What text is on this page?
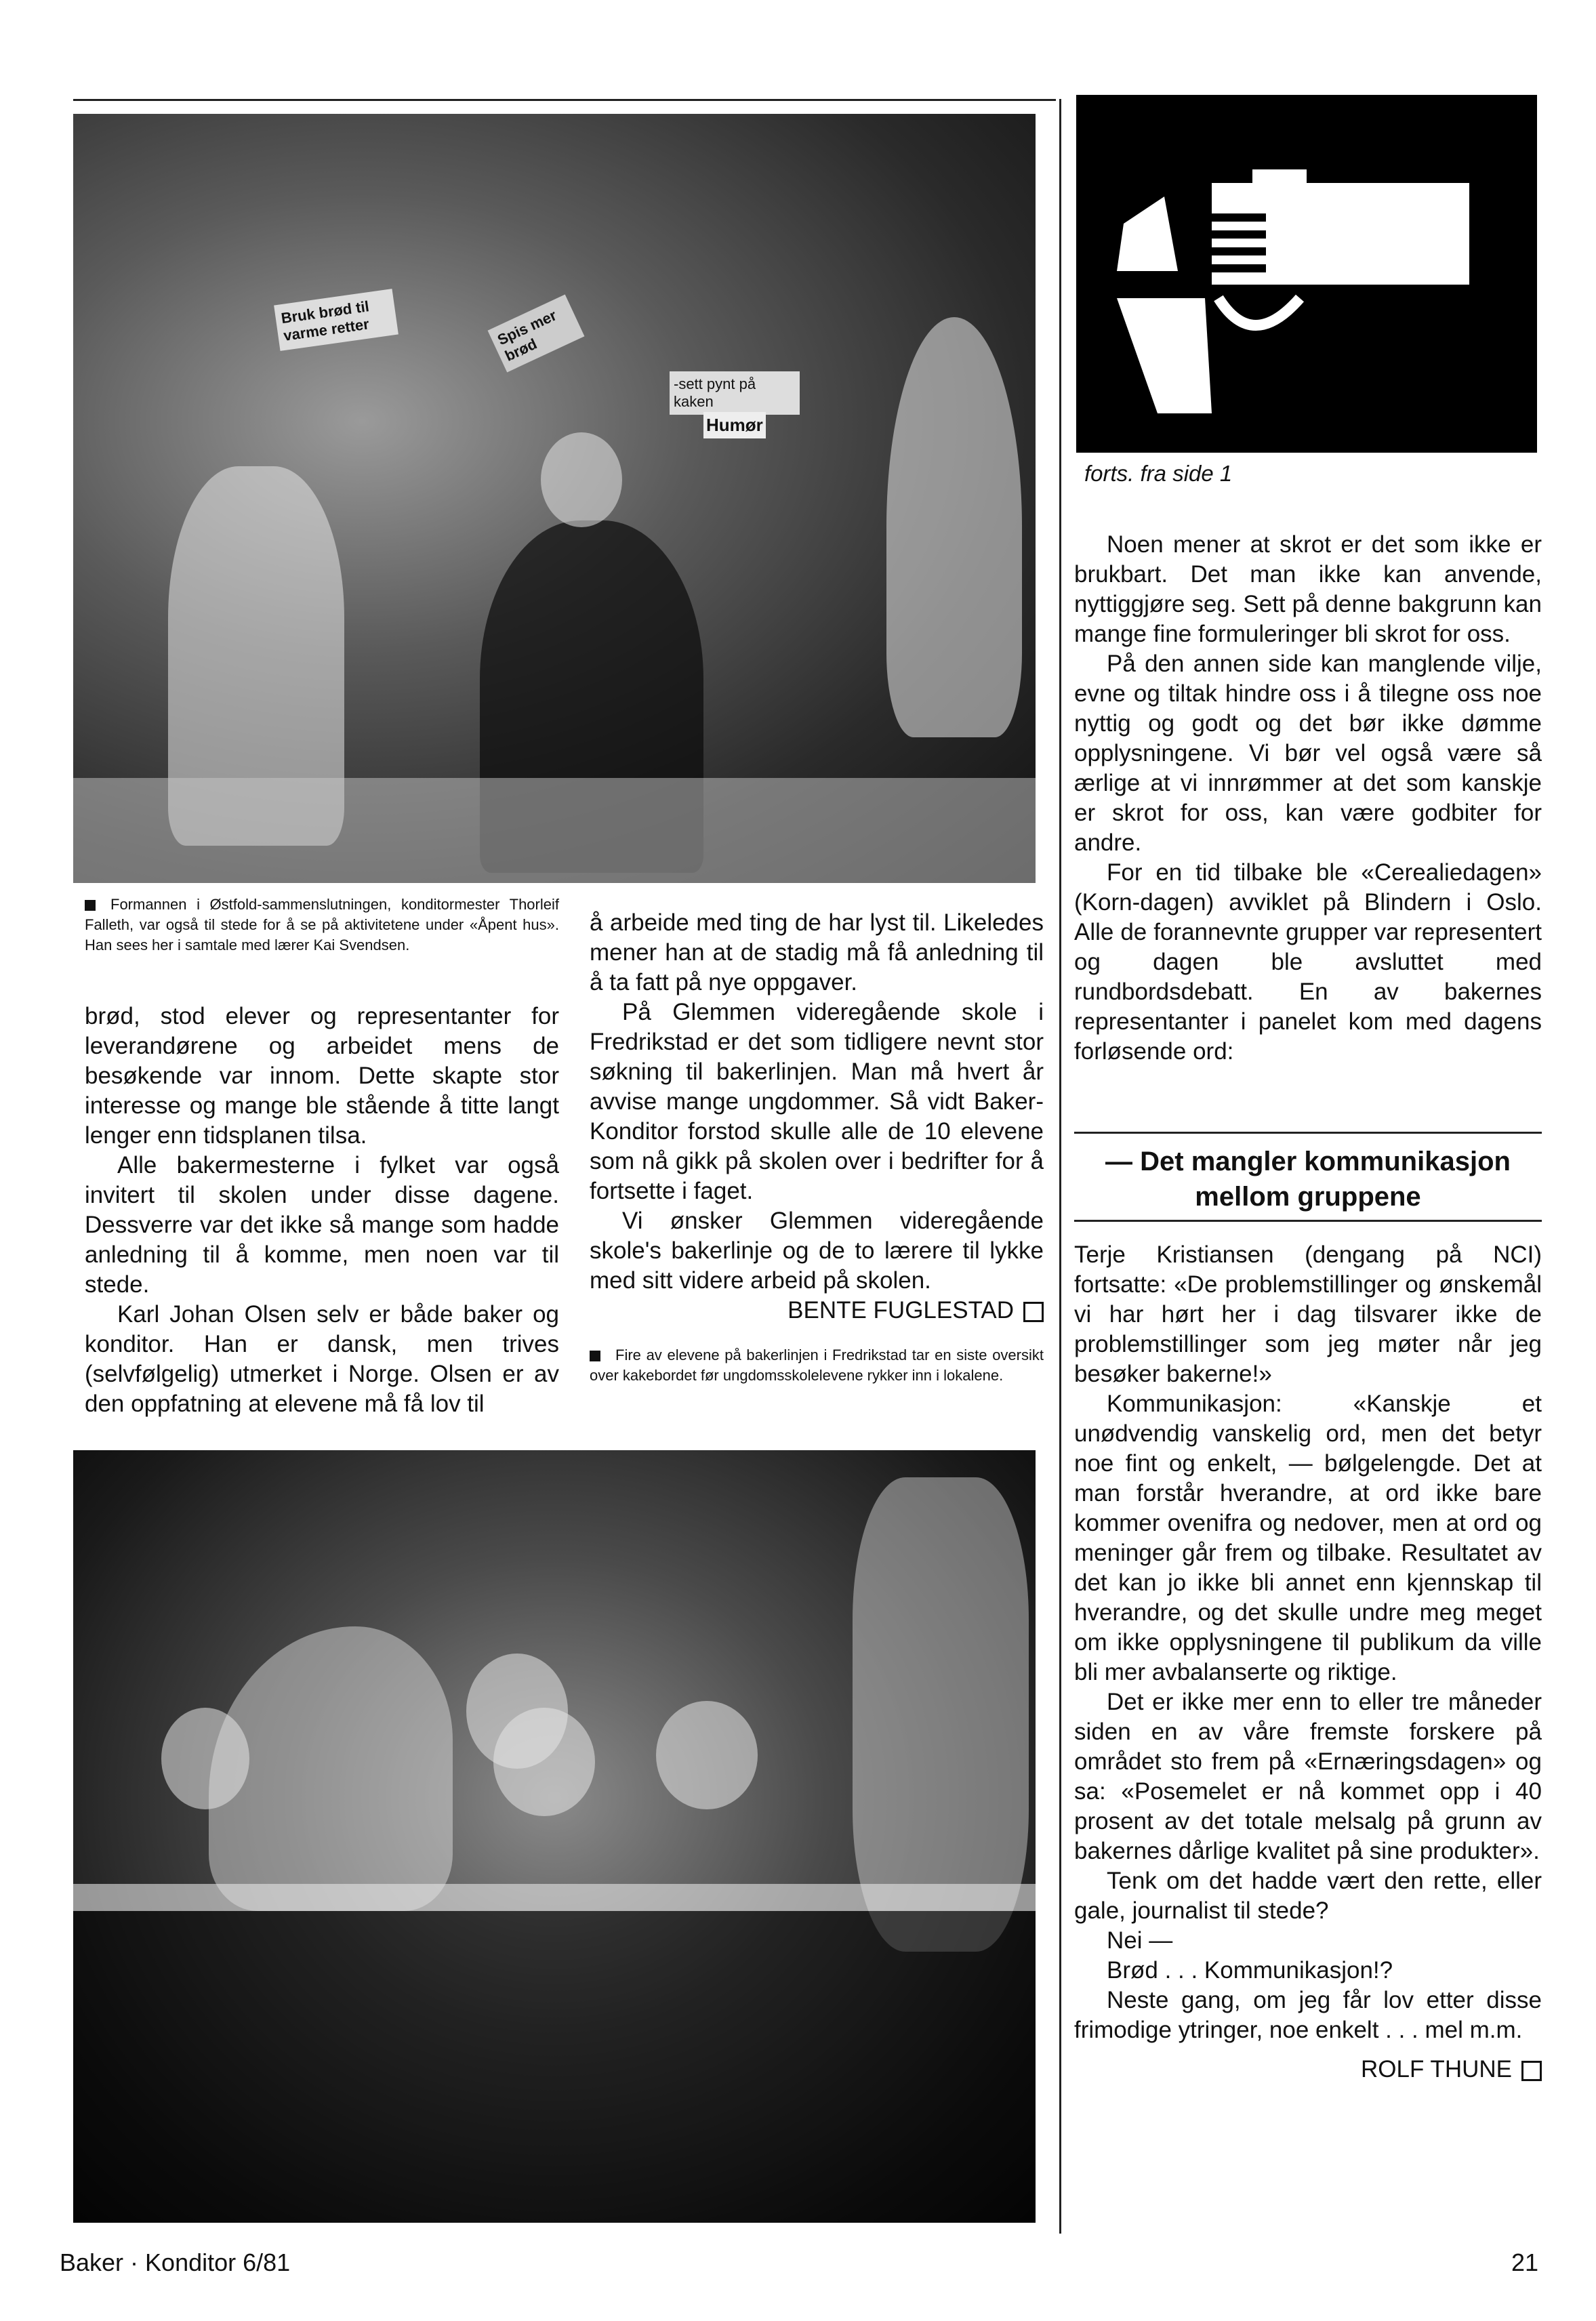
Bruk brød til varme retter	Spis mer brød
-sett pynt på kaken
Humør
forts. fra side 1
Formannen i Østfold-sammenslutningen, konditormester Thorleif Falleth, var også til stede for å se på aktivitetene under «Åpent hus». Han sees her i samtale med lærer Kai Svendsen.

brød, stod elever og representanter for leverandørene og arbeidet mens de besøkende var innom. Dette skapte stor interesse og mange ble stående å titte langt lenger enn tidsplanen tilsa.

Alle bakermesterne i fylket var også invitert til skolen under disse dagene. Dessverre var det ikke så mange som hadde anledning til å komme, men noen var til stede.

Karl Johan Olsen selv er både baker og konditor. Han er dansk, men trives (selvfølgelig) utmerket i Norge. Olsen er av den oppfatning at elevene må få lov til

å arbeide med ting de har lyst til. Likeledes mener han at de stadig må få anledning til å ta fatt på nye oppgaver.

På Glemmen videregående skole i Fredrikstad er det som tidligere nevnt stor søkning til bakerlinjen. Man må hvert år avvise mange ungdommer. Så vidt Baker-Konditor forstod skulle alle de 10 elevene som nå gikk på skolen over i bedrifter for å fortsette i faget.

Vi ønsker Glemmen videregående skole's bakerlinje og de to lærere til lykke med sitt videre arbeid på skolen.

BENTE FUGLESTAD
Fire av elevene på bakerlinjen i Fredrikstad tar en siste oversikt over kakebordet før ungdomsskolelevene rykker inn i lokalene.

Noen mener at skrot er det som ikke er brukbart. Det man ikke kan anvende, nyttiggjøre seg. Sett på denne bakgrunn kan mange fine formuleringer bli skrot for oss.

På den annen side kan manglende vilje, evne og tiltak hindre oss i å tilegne oss noe nyttig og godt og det bør ikke dømme opplysningene. Vi bør vel også være så ærlige at vi innrømmer at det som kanskje er skrot for oss, kan være godbiter for andre.

For en tid tilbake ble «Cerealiedagen» (Korn-dagen) avviklet på Blindern i Oslo. Alle de forannevnte grupper var representert og dagen ble avsluttet med rundbordsdebatt. En av bakernes representanter i panelet kom med dagens forløsende ord:

— Det mangler kommunikasjon mellom gruppene

Terje Kristiansen (dengang på NCI) fortsatte: «De problemstillinger og ønskemål vi har hørt her i dag tilsvarer ikke de problemstillinger som jeg møter når jeg besøker bakerne!»

Kommunikasjon: «Kanskje et unødvendig vanskelig ord, men det betyr noe fint og enkelt, — bølgelengde. Det at man forstår hverandre, at ord ikke bare kommer ovenifra og nedover, men at ord og meninger går frem og tilbake. Resultatet av det kan jo ikke bli annet enn kjennskap til hverandre, og det skulle undre meg meget om ikke opplysningene til publikum da ville bli mer avbalanserte og riktige.

Det er ikke mer enn to eller tre måneder siden en av våre fremste forskere på området sto frem på «Ernæringsdagen» og sa: «Posemelet er nå kommet opp i 40 prosent av det totale melsalg på grunn av bakernes dårlige kvalitet på sine produkter».

Tenk om det hadde vært den rette, eller gale, journalist til stede?

Nei —

Brød . . . Kommunikasjon!?

Neste gang, om jeg får lov etter disse frimodige ytringer, noe enkelt . . . mel m.m.

ROLF THUNE
Baker · Konditor 6/81	21
